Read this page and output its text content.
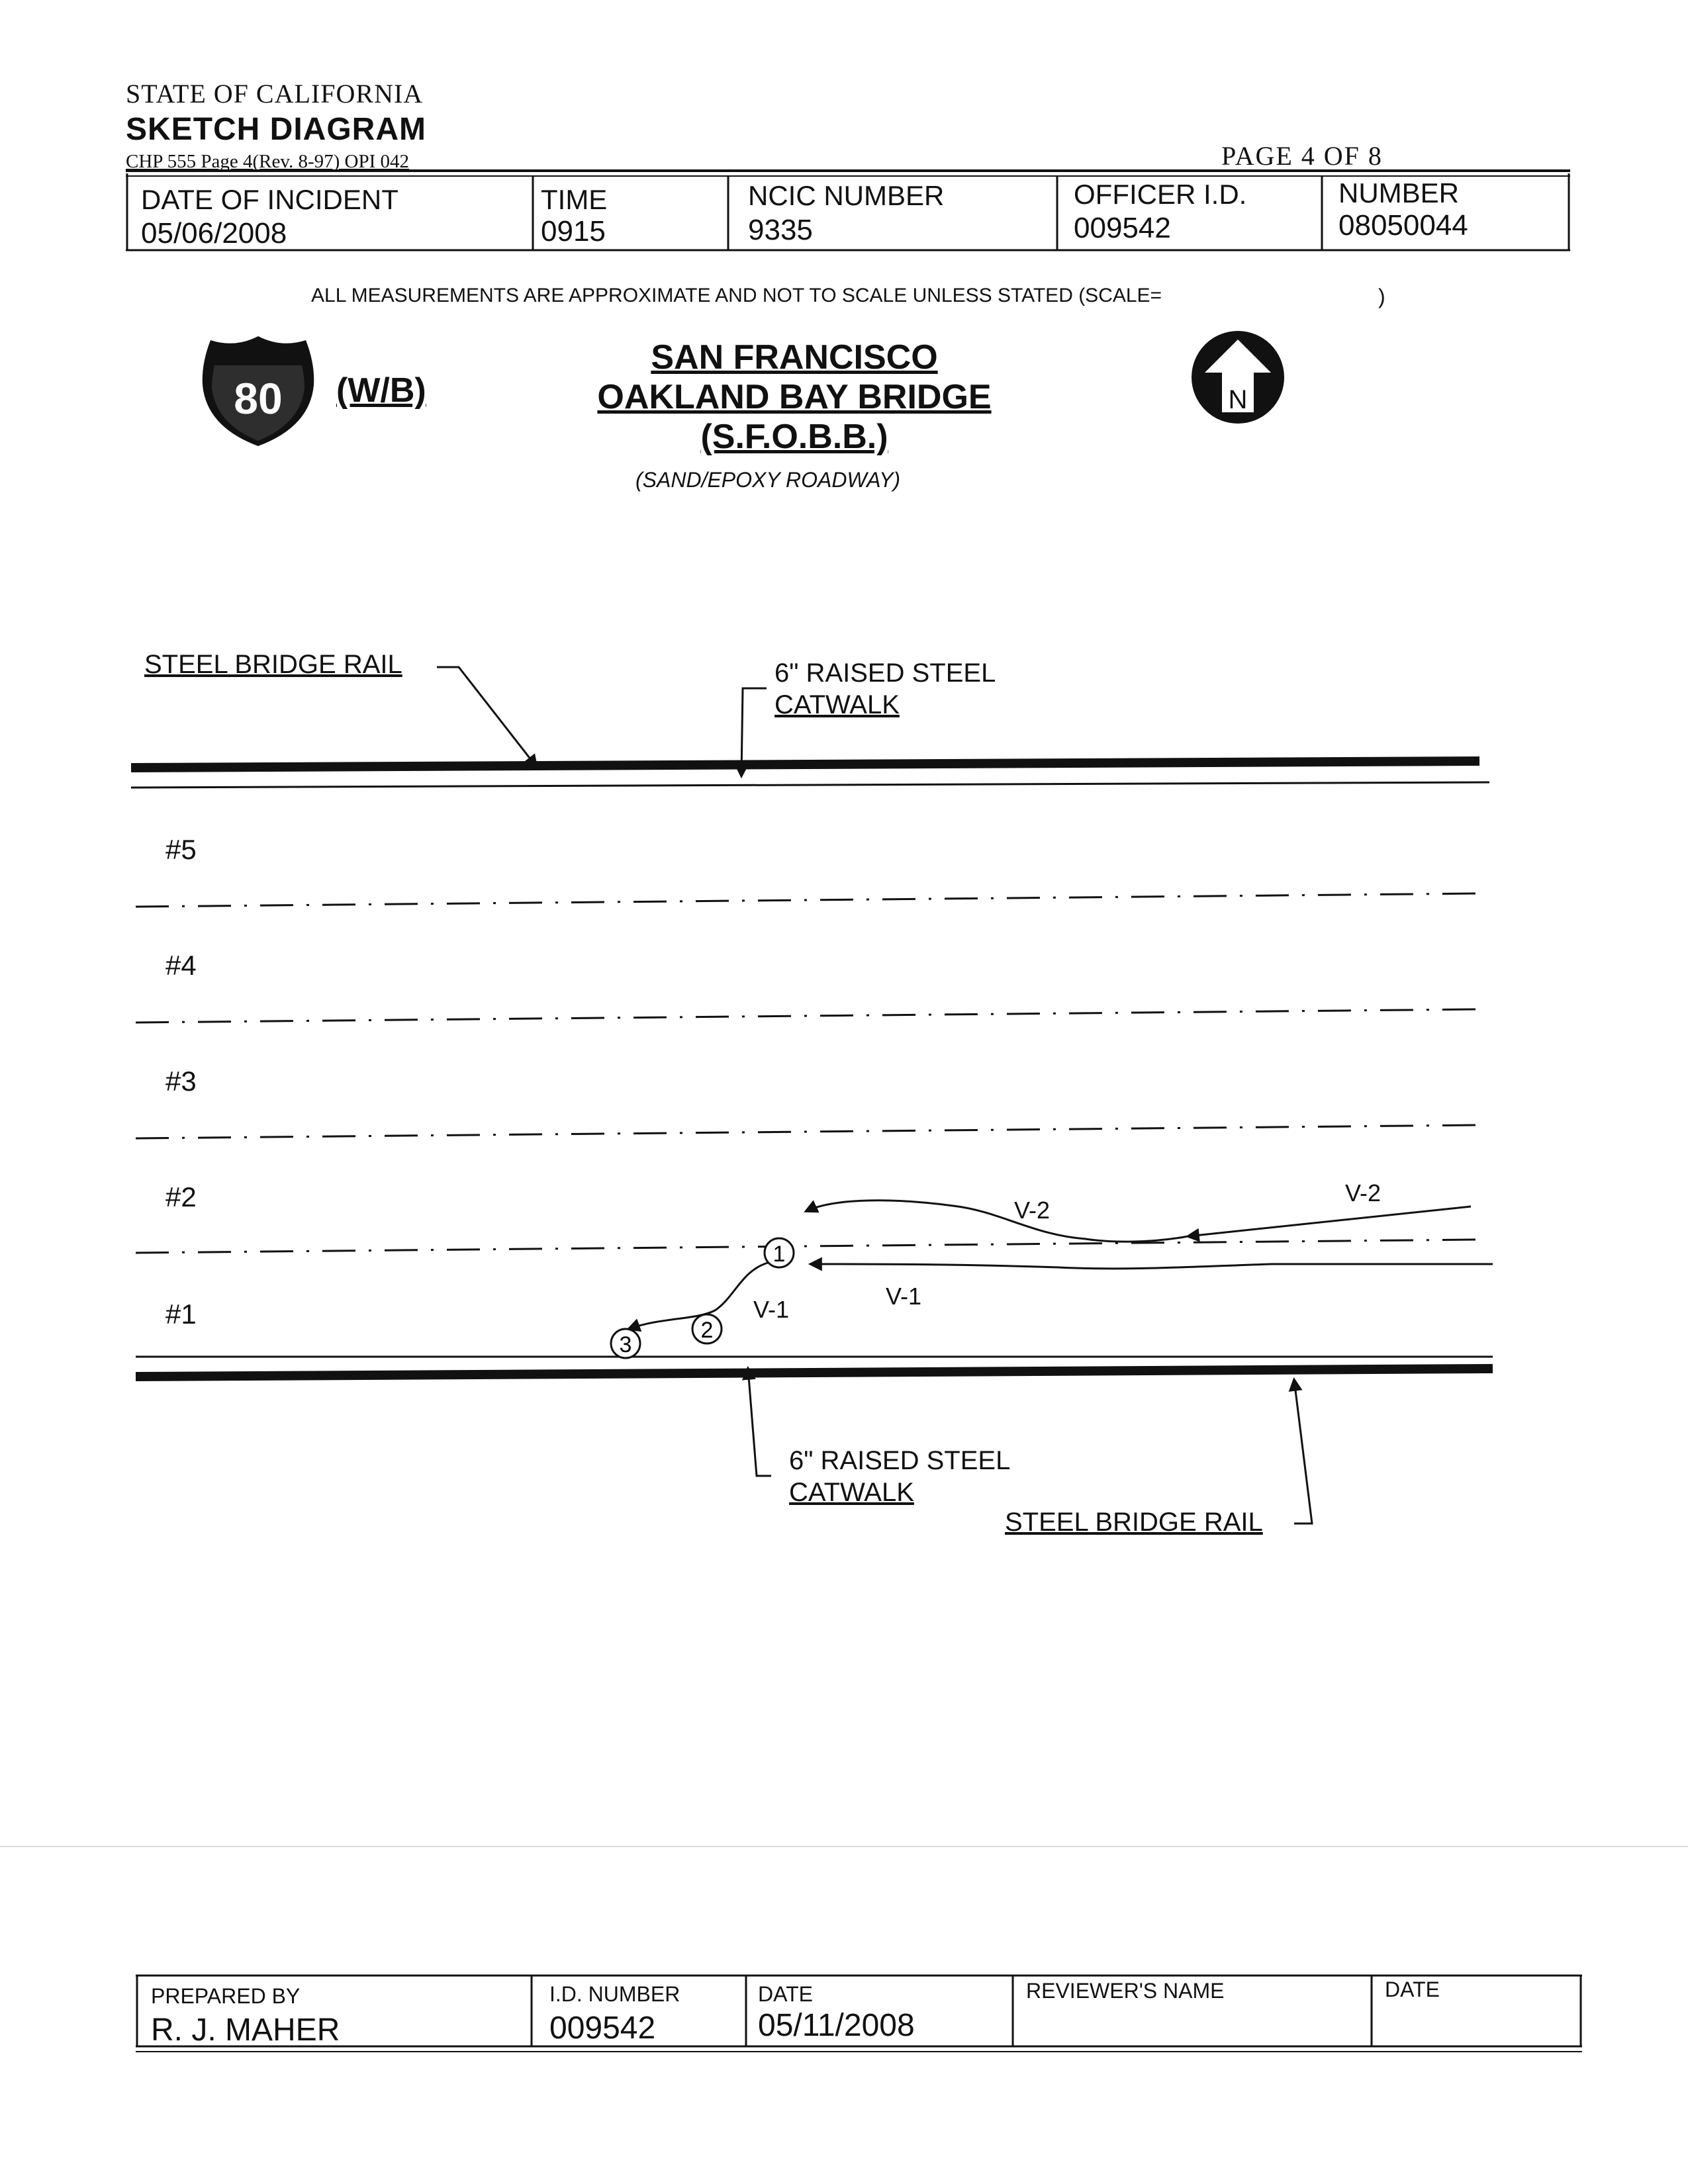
STATE OF CALIFORNIA
SKETCH DIAGRAM
CHP 555 Page 4(Rev. 8-97) OPI 042	PAGE 4 OF 8
DATE OF INCIDENT
05/06/2008
TIME
0915
NCIC NUMBER
9335
OFFICER I.D.
009542
NUMBER
08050044
ALL MEASUREMENTS ARE APPROXIMATE AND NOT TO SCALE UNLESS STATED (SCALE=	)
80 (W/B)
SAN FRANCISCO
OAKLAND BAY BRIDGE
(S.F.O.B.B.)
(SAND/EPOXY ROADWAY)
N
1
2
3
STEEL BRIDGE RAIL	6" RAISED STEEL
CATWALK
#5
#4
#3
#2
#1
V-2
V-2
V-1
V-1
6" RAISED STEEL
CATWALK
STEEL BRIDGE RAIL
PREPARED BY
R. J. MAHER
I.D. NUMBER
009542
DATE
05/11/2008
REVIEWER'S NAME	DATE
